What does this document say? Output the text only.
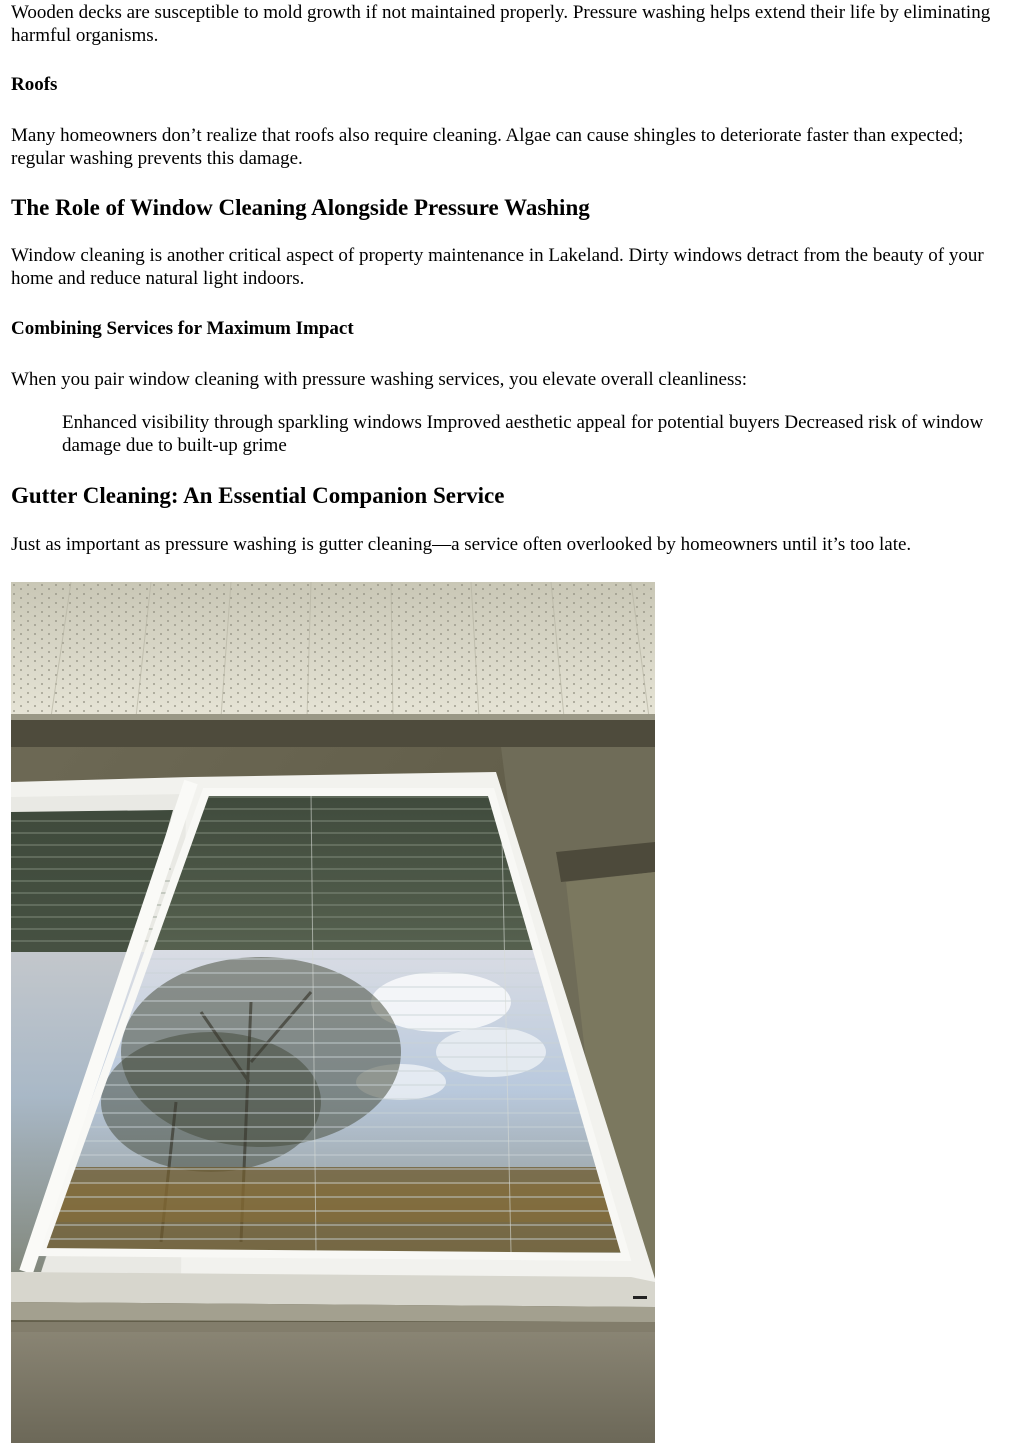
Wooden decks are susceptible to mold growth if not maintained properly. Pressure washing helps extend their life by eliminating harmful organisms.

Roofs

Many homeowners don’t realize that roofs also require cleaning. Algae can cause shingles to deteriorate faster than expected; regular washing prevents this damage.

The Role of Window Cleaning Alongside Pressure Washing

Window cleaning is another critical aspect of property maintenance in Lakeland. Dirty windows detract from the beauty of your home and reduce natural light indoors.

Combining Services for Maximum Impact

When you pair window cleaning with pressure washing services, you elevate overall cleanliness:

Enhanced visibility through sparkling windows Improved aesthetic appeal for potential buyers Decreased risk of window damage due to built-up grime
Gutter Cleaning: An Essential Companion Service

Just as important as pressure washing is gutter cleaning—a service often overlooked by homeowners until it’s too late.
